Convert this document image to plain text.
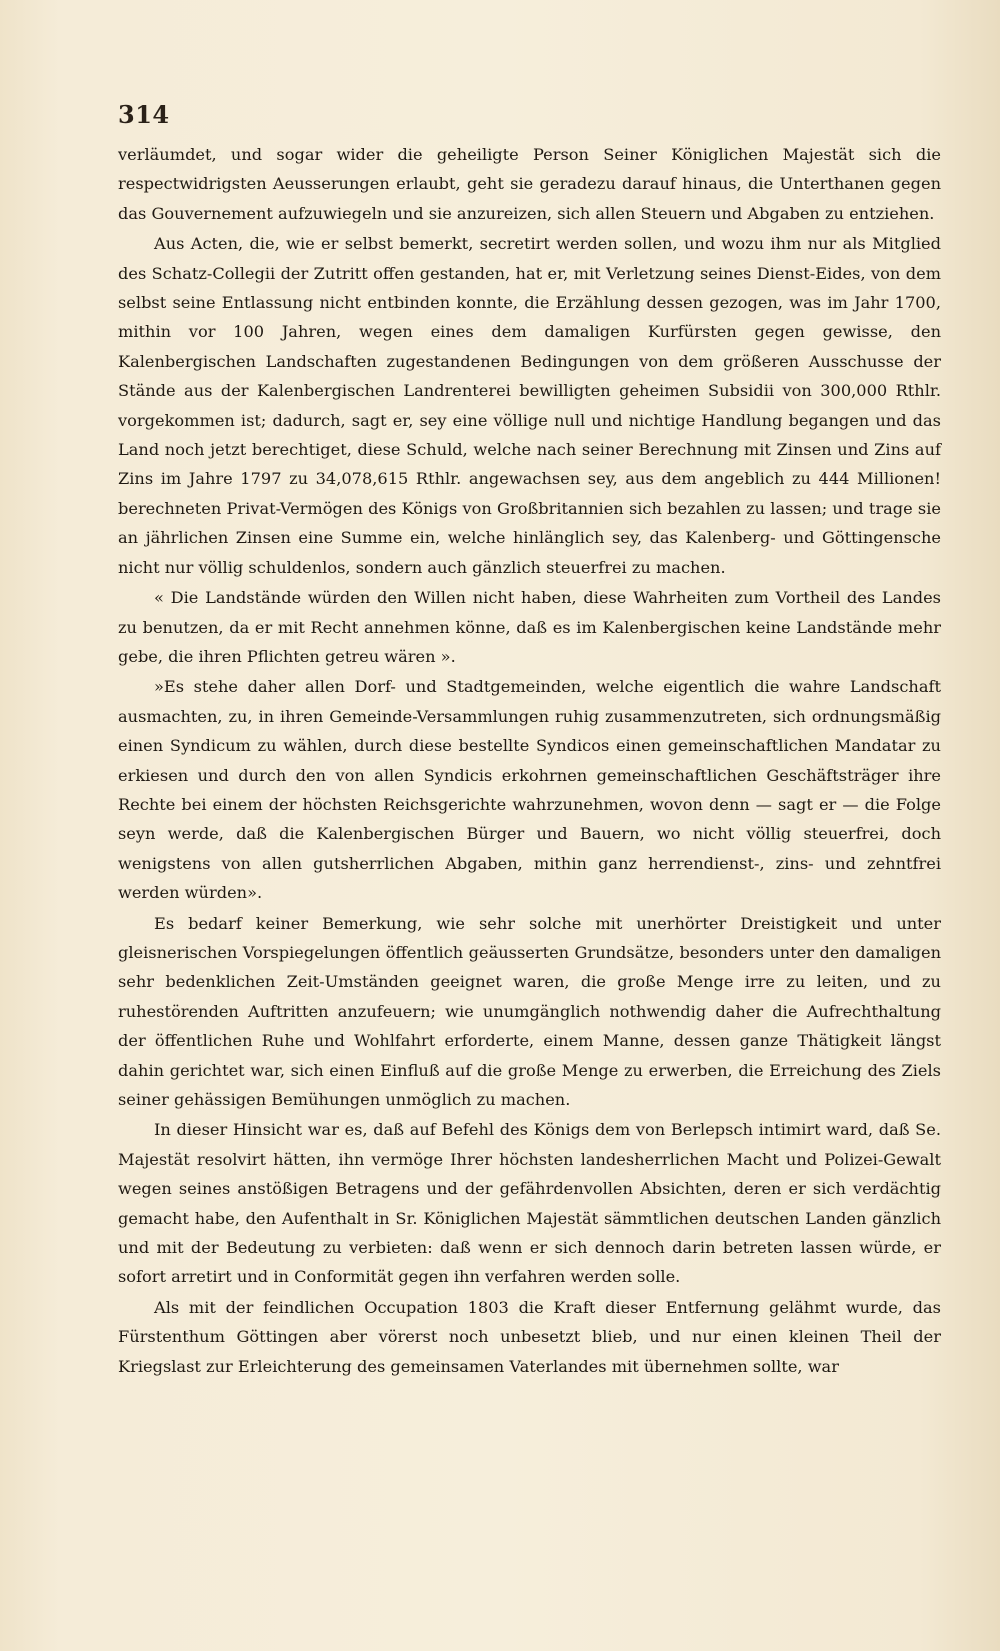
314

verläumdet, und sogar wider die geheiligte Person Seiner Königlichen Majestät sich die respectwidrigsten Aeusserungen erlaubt, geht sie geradezu darauf hinaus, die Unterthanen gegen das Gouvernement aufzuwiegeln und sie anzureizen, sich allen Steuern und Abgaben zu entziehen.

Aus Acten, die, wie er selbst bemerkt, secretirt werden sollen, und wozu ihm nur als Mitglied des Schatz-Collegii der Zutritt offen gestanden, hat er, mit Verletzung seines Dienst-Eides, von dem selbst seine Entlassung nicht entbinden konnte, die Erzählung dessen gezogen, was im Jahr 1700, mithin vor 100 Jahren, wegen eines dem damaligen Kurfürsten gegen gewisse, den Kalenbergischen Landschaften zugestandenen Bedingungen von dem größeren Ausschusse der Stände aus der Kalenbergischen Landrenterei bewilligten geheimen Subsidii von 300,000 Rthlr. vorgekommen ist; dadurch, sagt er, sey eine völlige null und nichtige Handlung begangen und das Land noch jetzt berechtiget, diese Schuld, welche nach seiner Berechnung mit Zinsen und Zins auf Zins im Jahre 1797 zu 34,078,615 Rthlr. angewachsen sey, aus dem angeblich zu 444 Millionen! berechneten Privat-Vermögen des Königs von Großbritannien sich bezahlen zu lassen; und trage sie an jährlichen Zinsen eine Summe ein, welche hinlänglich sey, das Kalenberg- und Göttingensche nicht nur völlig schuldenlos, sondern auch gänzlich steuerfrei zu machen.

« Die Landstände würden den Willen nicht haben, diese Wahrheiten zum Vortheil des Landes zu benutzen, da er mit Recht annehmen könne, daß es im Kalenbergischen keine Landstände mehr gebe, die ihren Pflichten getreu wären ».

»Es stehe daher allen Dorf- und Stadtgemeinden, welche eigentlich die wahre Landschaft ausmachten, zu, in ihren Gemeinde-Versammlungen ruhig zusammenzutreten, sich ordnungsmäßig einen Syndicum zu wählen, durch diese bestellte Syndicos einen gemeinschaftlichen Mandatar zu erkiesen und durch den von allen Syndicis erkohrnen gemeinschaftlichen Geschäftsträger ihre Rechte bei einem der höchsten Reichsgerichte wahrzunehmen, wovon denn — sagt er — die Folge seyn werde, daß die Kalenbergischen Bürger und Bauern, wo nicht völlig steuerfrei, doch wenigstens von allen gutsherrlichen Abgaben, mithin ganz herrendienst-, zins- und zehntfrei werden würden».

Es bedarf keiner Bemerkung, wie sehr solche mit unerhörter Dreistigkeit und unter gleisnerischen Vorspiegelungen öffentlich geäusserten Grundsätze, besonders unter den damaligen sehr bedenklichen Zeit-Umständen geeignet waren, die große Menge irre zu leiten, und zu ruhestörenden Auftritten anzufeuern; wie unumgänglich nothwendig daher die Aufrechthaltung der öffentlichen Ruhe und Wohlfahrt erforderte, einem Manne, dessen ganze Thätigkeit längst dahin gerichtet war, sich einen Einfluß auf die große Menge zu erwerben, die Erreichung des Ziels seiner gehässigen Bemühungen unmöglich zu machen.

In dieser Hinsicht war es, daß auf Befehl des Königs dem von Berlepsch intimirt ward, daß Se. Majestät resolvirt hätten, ihn vermöge Ihrer höchsten landesherrlichen Macht und Polizei-Gewalt wegen seines anstößigen Betragens und der gefährdenvollen Absichten, deren er sich verdächtig gemacht habe, den Aufenthalt in Sr. Königlichen Majestät sämmtlichen deutschen Landen gänzlich und mit der Bedeutung zu verbieten: daß wenn er sich dennoch darin betreten lassen würde, er sofort arretirt und in Conformität gegen ihn verfahren werden solle.

Als mit der feindlichen Occupation 1803 die Kraft dieser Entfernung gelähmt wurde, das Fürstenthum Göttingen aber vörerst noch unbesetzt blieb, und nur einen kleinen Theil der Kriegslast zur Erleichterung des gemeinsamen Vaterlandes mit übernehmen sollte, war
